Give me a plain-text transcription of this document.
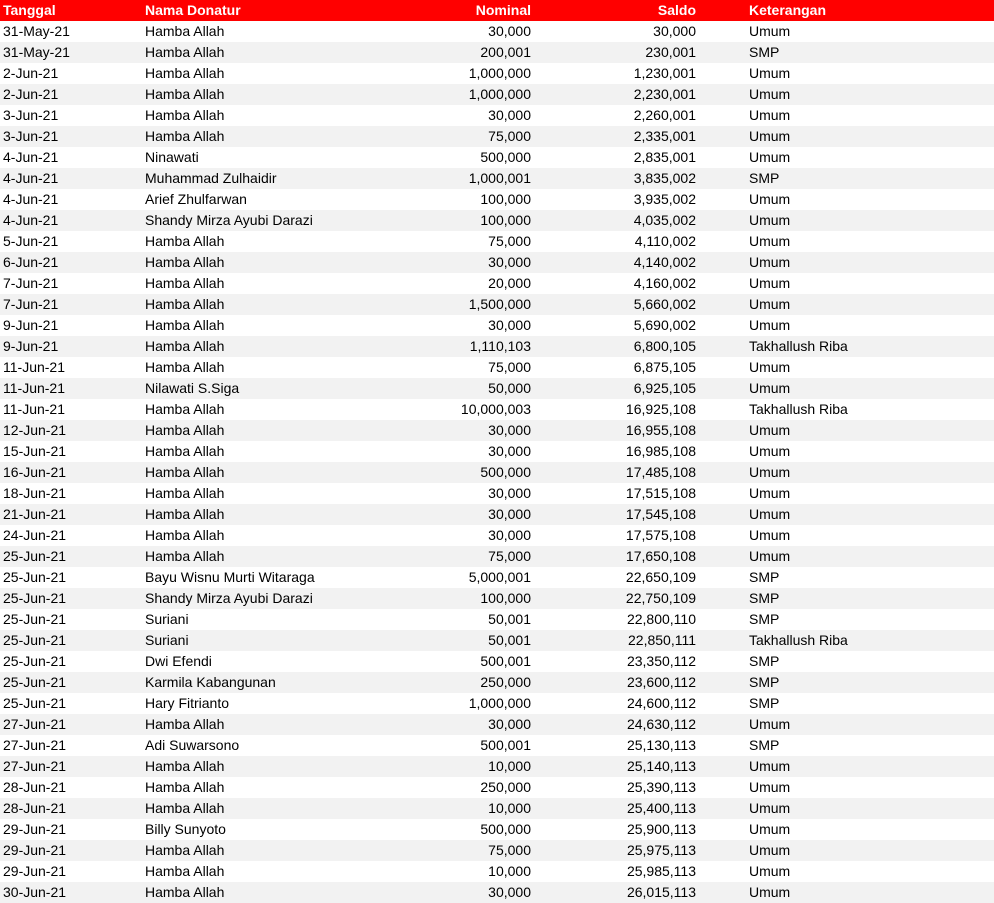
Tanggal	Nama Donatur	Nominal	Saldo	Keterangan
31-May-21	Hamba Allah	30,000	30,000	Umum
31-May-21	Hamba Allah	200,001	230,001	SMP
2-Jun-21	Hamba Allah	1,000,000	1,230,001	Umum
2-Jun-21	Hamba Allah	1,000,000	2,230,001	Umum
3-Jun-21	Hamba Allah	30,000	2,260,001	Umum
3-Jun-21	Hamba Allah	75,000	2,335,001	Umum
4-Jun-21	Ninawati	500,000	2,835,001	Umum
4-Jun-21	Muhammad Zulhaidir	1,000,001	3,835,002	SMP
4-Jun-21	Arief Zhulfarwan	100,000	3,935,002	Umum
4-Jun-21	Shandy Mirza Ayubi Darazi	100,000	4,035,002	Umum
5-Jun-21	Hamba Allah	75,000	4,110,002	Umum
6-Jun-21	Hamba Allah	30,000	4,140,002	Umum
7-Jun-21	Hamba Allah	20,000	4,160,002	Umum
7-Jun-21	Hamba Allah	1,500,000	5,660,002	Umum
9-Jun-21	Hamba Allah	30,000	5,690,002	Umum
9-Jun-21	Hamba Allah	1,110,103	6,800,105	Takhallush Riba
11-Jun-21	Hamba Allah	75,000	6,875,105	Umum
11-Jun-21	Nilawati S.Siga	50,000	6,925,105	Umum
11-Jun-21	Hamba Allah	10,000,003	16,925,108	Takhallush Riba
12-Jun-21	Hamba Allah	30,000	16,955,108	Umum
15-Jun-21	Hamba Allah	30,000	16,985,108	Umum
16-Jun-21	Hamba Allah	500,000	17,485,108	Umum
18-Jun-21	Hamba Allah	30,000	17,515,108	Umum
21-Jun-21	Hamba Allah	30,000	17,545,108	Umum
24-Jun-21	Hamba Allah	30,000	17,575,108	Umum
25-Jun-21	Hamba Allah	75,000	17,650,108	Umum
25-Jun-21	Bayu Wisnu Murti Witaraga	5,000,001	22,650,109	SMP
25-Jun-21	Shandy Mirza Ayubi Darazi	100,000	22,750,109	SMP
25-Jun-21	Suriani	50,001	22,800,110	SMP
25-Jun-21	Suriani	50,001	22,850,111	Takhallush Riba
25-Jun-21	Dwi Efendi	500,001	23,350,112	SMP
25-Jun-21	Karmila Kabangunan	250,000	23,600,112	SMP
25-Jun-21	Hary Fitrianto	1,000,000	24,600,112	SMP
27-Jun-21	Hamba Allah	30,000	24,630,112	Umum
27-Jun-21	Adi Suwarsono	500,001	25,130,113	SMP
27-Jun-21	Hamba Allah	10,000	25,140,113	Umum
28-Jun-21	Hamba Allah	250,000	25,390,113	Umum
28-Jun-21	Hamba Allah	10,000	25,400,113	Umum
29-Jun-21	Billy Sunyoto	500,000	25,900,113	Umum
29-Jun-21	Hamba Allah	75,000	25,975,113	Umum
29-Jun-21	Hamba Allah	10,000	25,985,113	Umum
30-Jun-21	Hamba Allah	30,000	26,015,113	Umum
